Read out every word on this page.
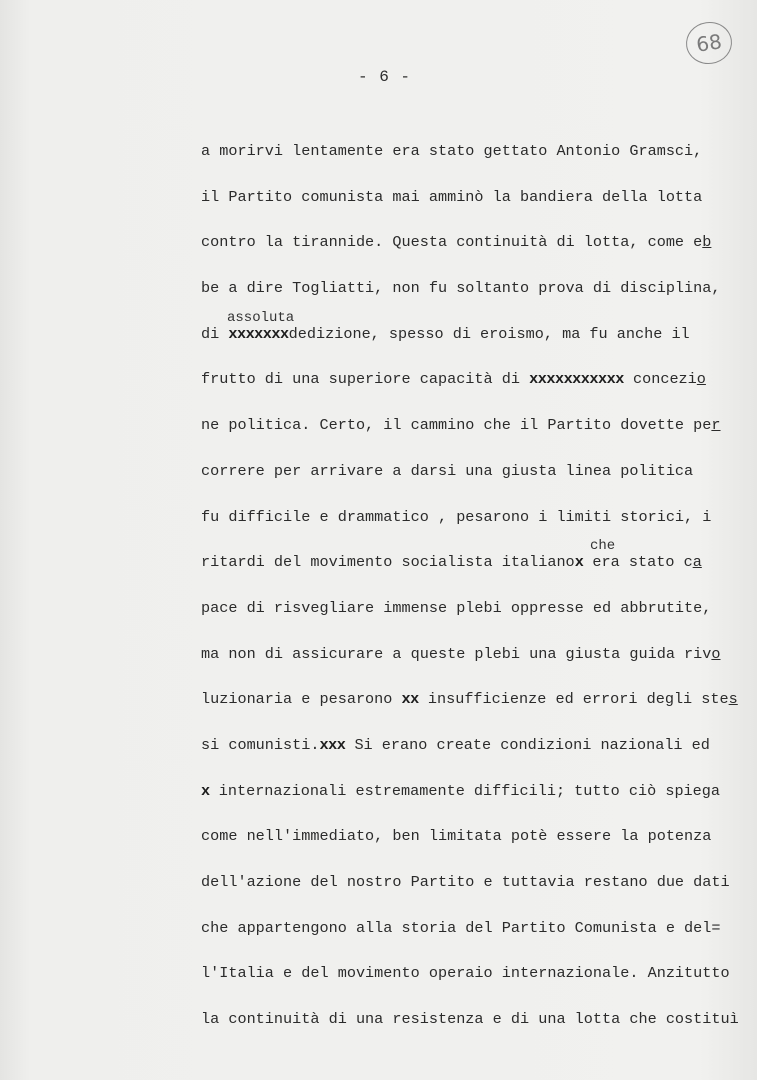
68
- 6 -
a morirvi lentamente era stato gettato Antonio Gramsci,
il Partito comunista mai amminò la bandiera della lotta
contro la tirannide. Questa continuità di lotta, come eb
be a dire Togliatti, non fu soltanto prova di disciplina,
di xxxxxxxdedizione, spesso di eroismo, ma fu anche il
assoluta
frutto di una superiore capacità di xxxxxxxxxxx concezio
ne politica. Certo, il cammino che il Partito dovette per
correre per arrivare a darsi una giusta linea politica
fu difficile e drammatico , pesarono i limiti storici, i
ritardi del movimento socialista italianox era stato ca
che
pace di risvegliare immense plebi oppresse ed abbrutite,
ma non di assicurare a queste plebi una giusta guida rivo
luzionaria e pesarono xx insufficienze ed errori degli stes
si comunisti.xxx Si erano create condizioni nazionali ed
x internazionali estremamente difficili; tutto ciò spiega
come nell'immediato, ben limitata potè essere la potenza
dell'azione del nostro Partito e tuttavia restano due dati
che appartengono alla storia del Partito Comunista e del=
l'Italia e del movimento operaio internazionale. Anzitutto
la continuità di una resistenza e di una lotta che costituì
